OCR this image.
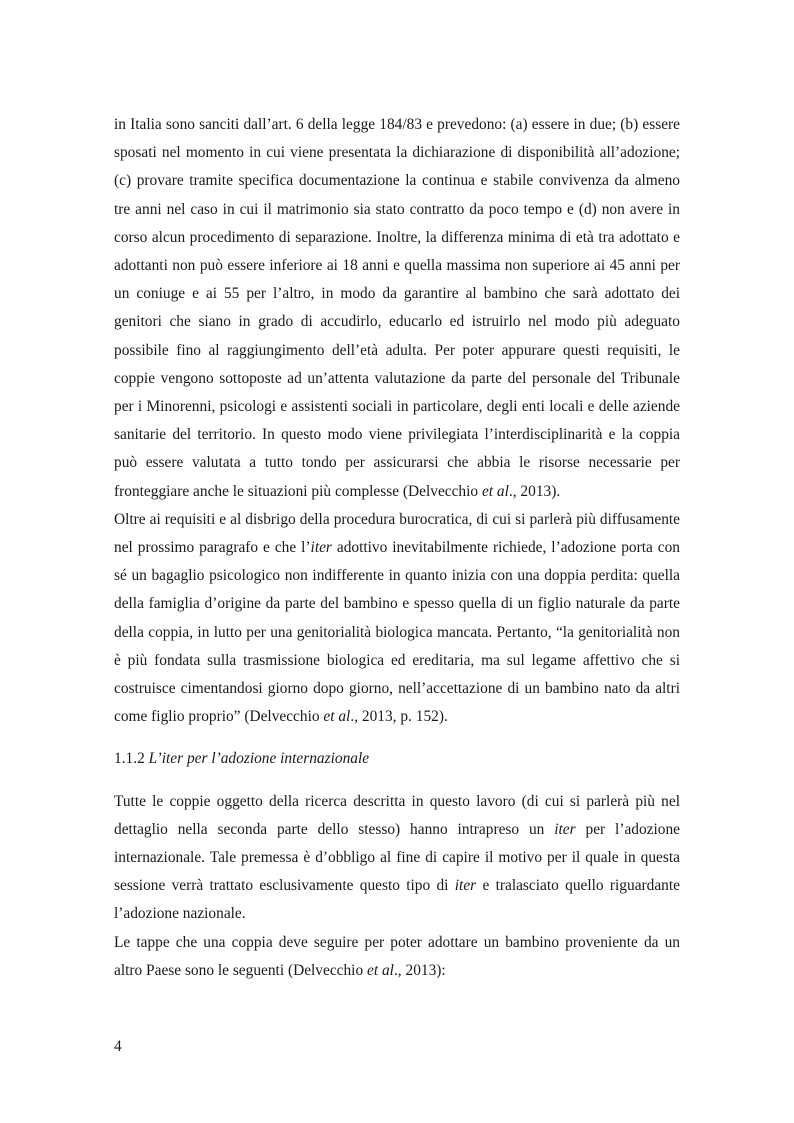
in Italia sono sanciti dall’art. 6 della legge 184/83 e prevedono: (a) essere in due; (b) essere sposati nel momento in cui viene presentata la dichiarazione di disponibilità all’adozione; (c) provare tramite specifica documentazione la continua e stabile convivenza da almeno tre anni nel caso in cui il matrimonio sia stato contratto da poco tempo e (d) non avere in corso alcun procedimento di separazione. Inoltre, la differenza minima di età tra adottato e adottanti non può essere inferiore ai 18 anni e quella massima non superiore ai 45 anni per un coniuge e ai 55 per l’altro, in modo da garantire al bambino che sarà adottato dei genitori che siano in grado di accudirlo, educarlo ed istruirlo nel modo più adeguato possibile fino al raggiungimento dell’età adulta. Per poter appurare questi requisiti, le coppie vengono sottoposte ad un’attenta valutazione da parte del personale del Tribunale per i Minorenni, psicologi e assistenti sociali in particolare, degli enti locali e delle aziende sanitarie del territorio. In questo modo viene privilegiata l’interdisciplinarità e la coppia può essere valutata a tutto tondo per assicurarsi che abbia le risorse necessarie per fronteggiare anche le situazioni più complesse (Delvecchio et al., 2013).

Oltre ai requisiti e al disbrigo della procedura burocratica, di cui si parlerà più diffusamente nel prossimo paragrafo e che l’iter adottivo inevitabilmente richiede, l’adozione porta con sé un bagaglio psicologico non indifferente in quanto inizia con una doppia perdita: quella della famiglia d’origine da parte del bambino e spesso quella di un figlio naturale da parte della coppia, in lutto per una genitorialità biologica mancata. Pertanto, “la genitorialità non è più fondata sulla trasmissione biologica ed ereditaria, ma sul legame affettivo che si costruisce cimentandosi giorno dopo giorno, nell’accettazione di un bambino nato da altri come figlio proprio” (Delvecchio et al., 2013, p. 152).

1.1.2 L’iter per l’adozione internazionale

Tutte le coppie oggetto della ricerca descritta in questo lavoro (di cui si parlerà più nel dettaglio nella seconda parte dello stesso) hanno intrapreso un iter per l’adozione internazionale. Tale premessa è d’obbligo al fine di capire il motivo per il quale in questa sessione verrà trattato esclusivamente questo tipo di iter e tralasciato quello riguardante l’adozione nazionale.

Le tappe che una coppia deve seguire per poter adottare un bambino proveniente da un altro Paese sono le seguenti (Delvecchio et al., 2013):

4
